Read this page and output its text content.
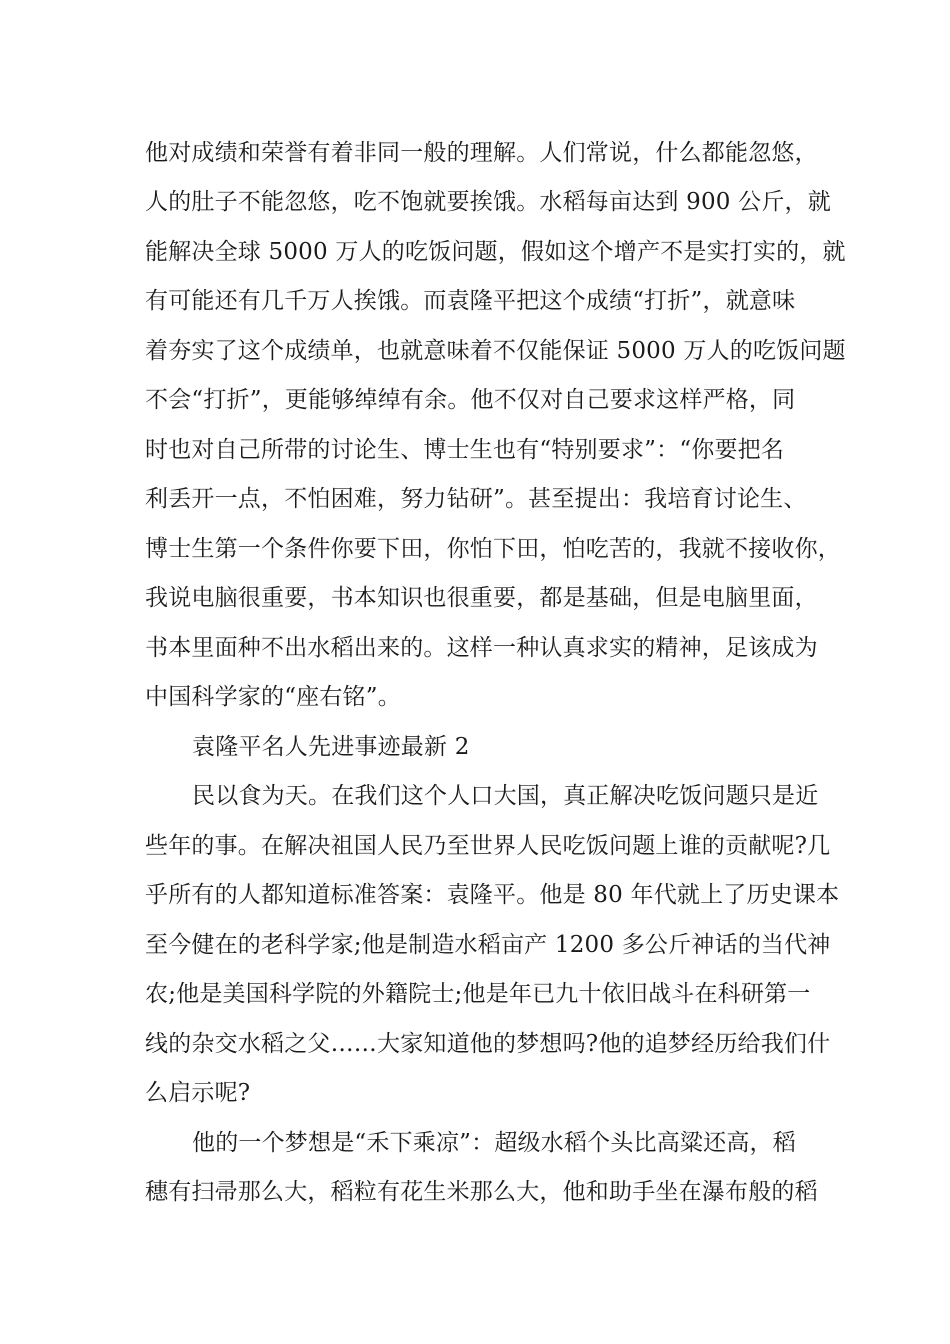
他对成绩和荣誉有着非同一般的理解。人们常说，什么都能忽悠，
人的肚子不能忽悠，吃不饱就要挨饿。水稻每亩达到 900 公斤，就
能解决全球 5000 万人的吃饭问题，假如这个增产不是实打实的，就
有可能还有几千万人挨饿。而袁隆平把这个成绩“打折”，就意味
着夯实了这个成绩单，也就意味着不仅能保证 5000 万人的吃饭问题
不会“打折”，更能够绰绰有余。他不仅对自己要求这样严格，同
时也对自己所带的讨论生、博士生也有“特别要求”：“你要把名
利丢开一点，不怕困难，努力钻研”。甚至提出：我培育讨论生、
博士生第一个条件你要下田，你怕下田，怕吃苦的，我就不接收你，
我说电脑很重要，书本知识也很重要，都是基础，但是电脑里面，
书本里面种不出水稻出来的。这样一种认真求实的精神，足该成为
中国科学家的“座右铭”。
袁隆平名人先进事迹最新 2
民以食为天。在我们这个人口大国，真正解决吃饭问题只是近
些年的事。在解决祖国人民乃至世界人民吃饭问题上谁的贡献呢?几
乎所有的人都知道标准答案：袁隆平。他是 80 年代就上了历史课本
至今健在的老科学家;他是制造水稻亩产 1200 多公斤神话的当代神
农;他是美国科学院的外籍院士;他是年已九十依旧战斗在科研第一
线的杂交水稻之父……大家知道他的梦想吗?他的追梦经历给我们什
么启示呢?
他的一个梦想是“禾下乘凉”：超级水稻个头比高粱还高，稻
穗有扫帚那么大，稻粒有花生米那么大，他和助手坐在瀑布般的稻
